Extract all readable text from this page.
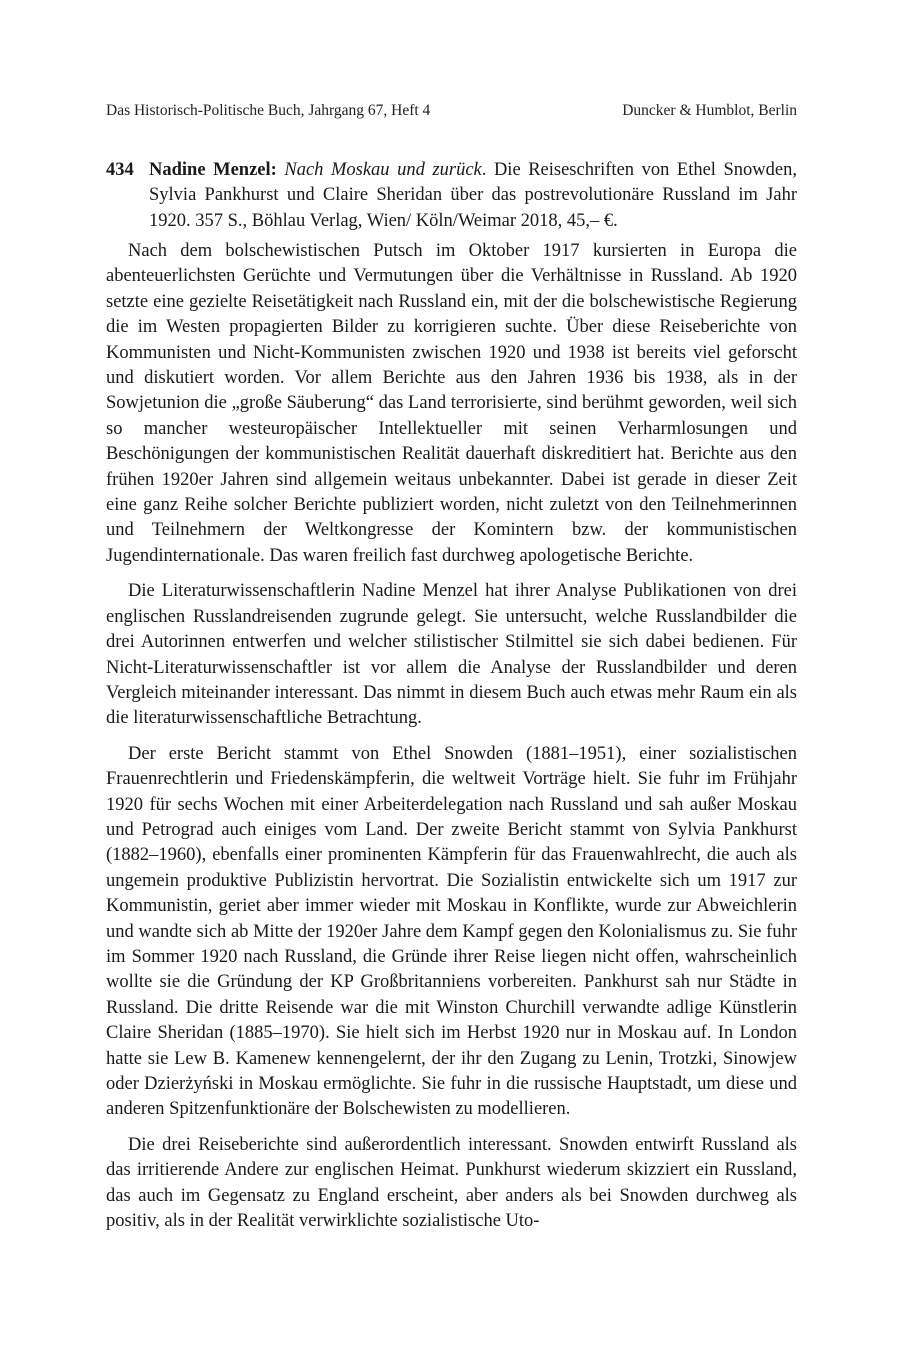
Das Historisch-Politische Buch, Jahrgang 67, Heft 4	Duncker & Humblot, Berlin
434 Nadine Menzel: Nach Moskau und zurück. Die Reiseschriften von Ethel Snowden, Sylvia Pankhurst und Claire Sheridan über das postrevolutionäre Russland im Jahr 1920. 357 S., Böhlau Verlag, Wien/ Köln/Weimar 2018, 45,– €.

Nach dem bolschewistischen Putsch im Oktober 1917 kursierten in Europa die abenteuerlichsten Gerüchte und Vermutungen über die Verhältnisse in Russland. Ab 1920 setzte eine gezielte Reisetätigkeit nach Russland ein, mit der die bolschewistische Regierung die im Westen propagierten Bilder zu korrigieren suchte. Über diese Reiseberichte von Kommunisten und Nicht-Kommunisten zwischen 1920 und 1938 ist bereits viel geforscht und diskutiert worden. Vor allem Berichte aus den Jahren 1936 bis 1938, als in der Sowjetunion die „große Säuberung“ das Land terrorisierte, sind berühmt geworden, weil sich so mancher westeuropäischer Intellektueller mit seinen Verharmlosungen und Beschönigungen der kommunistischen Realität dauerhaft diskreditiert hat. Berichte aus den frühen 1920er Jahren sind allgemein weitaus unbekannter. Dabei ist gerade in dieser Zeit eine ganz Reihe solcher Berichte publiziert worden, nicht zuletzt von den Teilnehmerinnen und Teilnehmern der Weltkongresse der Komintern bzw. der kommunistischen Jugendinternationale. Das waren freilich fast durchweg apologetische Berichte.

Die Literaturwissenschaftlerin Nadine Menzel hat ihrer Analyse Publikationen von drei englischen Russlandreisenden zugrunde gelegt. Sie untersucht, welche Russlandbilder die drei Autorinnen entwerfen und welcher stilistischer Stilmittel sie sich dabei bedienen. Für Nicht-Literaturwissenschaftler ist vor allem die Analyse der Russlandbilder und deren Vergleich miteinander interessant. Das nimmt in diesem Buch auch etwas mehr Raum ein als die literaturwissenschaftliche Betrachtung.

Der erste Bericht stammt von Ethel Snowden (1881–1951), einer sozialistischen Frauenrechtlerin und Friedenskämpferin, die weltweit Vorträge hielt. Sie fuhr im Frühjahr 1920 für sechs Wochen mit einer Arbeiterdelegation nach Russland und sah außer Moskau und Petrograd auch einiges vom Land. Der zweite Bericht stammt von Sylvia Pankhurst (1882–1960), ebenfalls einer prominenten Kämpferin für das Frauenwahlrecht, die auch als ungemein produktive Publizistin hervortrat. Die Sozialistin entwickelte sich um 1917 zur Kommunistin, geriet aber immer wieder mit Moskau in Konflikte, wurde zur Abweichlerin und wandte sich ab Mitte der 1920er Jahre dem Kampf gegen den Kolonialismus zu. Sie fuhr im Sommer 1920 nach Russland, die Gründe ihrer Reise liegen nicht offen, wahrscheinlich wollte sie die Gründung der KP Großbritanniens vorbereiten. Pankhurst sah nur Städte in Russland. Die dritte Reisende war die mit Winston Churchill verwandte adlige Künstlerin Claire Sheridan (1885–1970). Sie hielt sich im Herbst 1920 nur in Moskau auf. In London hatte sie Lew B. Kamenew kennengelernt, der ihr den Zugang zu Lenin, Trotzki, Sinowjew oder Dzierżyński in Moskau ermöglichte. Sie fuhr in die russische Hauptstadt, um diese und anderen Spitzenfunktionäre der Bolschewisten zu modellieren.

Die drei Reiseberichte sind außerordentlich interessant. Snowden entwirft Russland als das irritierende Andere zur englischen Heimat. Punkhurst wiederum skizziert ein Russland, das auch im Gegensatz zu England erscheint, aber anders als bei Snowden durchweg als positiv, als in der Realität verwirklichte sozialistische Uto-
